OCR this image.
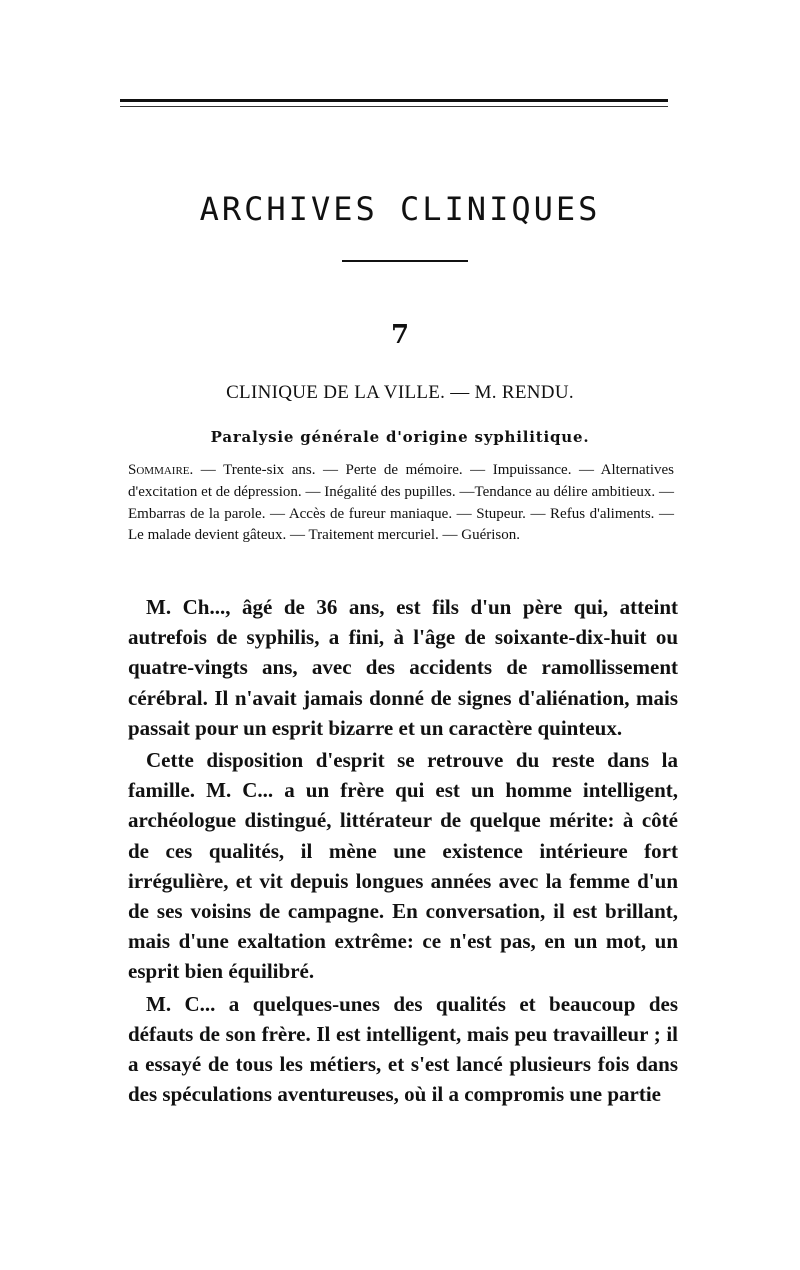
ARCHIVES CLINIQUES
7
CLINIQUE DE LA VILLE. — M. RENDU.
Paralysie générale d'origine syphilitique.
Sommaire. — Trente-six ans. — Perte de mémoire. — Impuissance. — Alternatives d'excitation et de dépression. — Inégalité des pupilles. —Tendance au délire ambitieux. — Embarras de la parole. — Accès de fureur maniaque. — Stupeur. — Refus d'aliments. — Le malade devient gâteux. — Traitement mercuriel. — Guérison.

M. Ch..., âgé de 36 ans, est fils d'un père qui, atteint autrefois de syphilis, a fini, à l'âge de soixante-dix-huit ou quatre-vingts ans, avec des accidents de ramollissement cérébral. Il n'avait jamais donné de signes d'aliénation, mais passait pour un esprit bizarre et un caractère quinteux.

Cette disposition d'esprit se retrouve du reste dans la famille. M. C... a un frère qui est un homme intelligent, archéologue distingué, littérateur de quelque mérite: à côté de ces qualités, il mène une existence intérieure fort irrégulière, et vit depuis longues années avec la femme d'un de ses voisins de campagne. En conversation, il est brillant, mais d'une exaltation extrême: ce n'est pas, en un mot, un esprit bien équilibré.

M. C... a quelques-unes des qualités et beaucoup des défauts de son frère. Il est intelligent, mais peu travailleur ; il a essayé de tous les métiers, et s'est lancé plusieurs fois dans des spéculations aventureuses, où il a compromis une partie
